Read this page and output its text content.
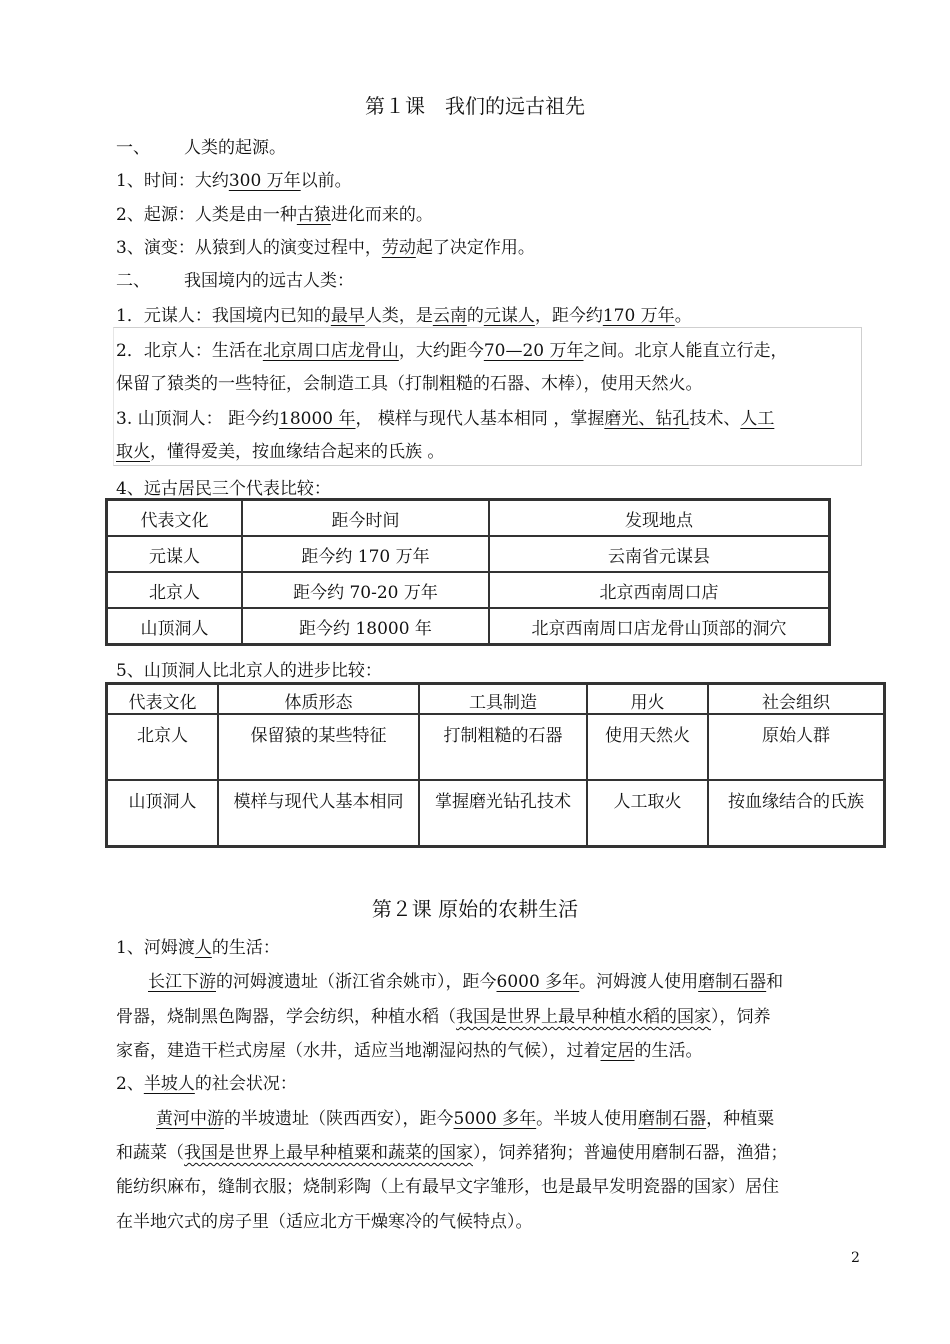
第１课　我们的远古祖先
一、 人类的起源。
1、时间：大约300 万年以前。
2、起源：人类是由一种古猿进化而来的。
3、演变：从猿到人的演变过程中，劳动起了决定作用。
二、 我国境内的远古人类：
1．元谋人：我国境内已知的最早人类，是云南的元谋人，距今约170 万年。
2．北京人：生活在北京周口店龙骨山，大约距今70—20 万年之间。北京人能直立行走，
保留了猿类的一些特征，会制造工具（打制粗糙的石器、木棒），使用天然火。
3. 山顶洞人： 距今约18000 年， 模样与现代人基本相同 ，掌握磨光、钻孔技术、人工
取火，懂得爱美，按血缘结合起来的氏族 。
4、远古居民三个代表比较：
代表文化	距今时间	发现地点
元谋人	距今约 170 万年	云南省元谋县
北京人	距今约 70-20 万年	北京西南周口店
山顶洞人	距今约 18000 年	北京西南周口店龙骨山顶部的洞穴
5、山顶洞人比北京人的进步比较：
代表文化	体质形态	工具制造	用火	社会组织
北京人	保留猿的某些特征	打制粗糙的石器	使用天然火	原始人群
山顶洞人	模样与现代人基本相同	掌握磨光钻孔技术	人工取火	按血缘结合的氏族
第２课 原始的农耕生活
1、河姆渡人的生活：
长江下游的河姆渡遗址（浙江省余姚市），距今6000 多年。河姆渡人使用磨制石器和
骨器，烧制黑色陶器，学会纺织，种植水稻（我国是世界上最早种植水稻的国家），饲养
家畜，建造干栏式房屋（水井，适应当地潮湿闷热的气候），过着定居的生活。
2、半坡人的社会状况：
黄河中游的半坡遗址（陕西西安），距今5000 多年。半坡人使用磨制石器，种植粟
和蔬菜（我国是世界上最早种植粟和蔬菜的国家），饲养猪狗；普遍使用磨制石器，渔猎；
能纺织麻布，缝制衣服；烧制彩陶（上有最早文字雏形，也是最早发明瓷器的国家）居住
在半地穴式的房子里（适应北方干燥寒冷的气候特点）。
2
